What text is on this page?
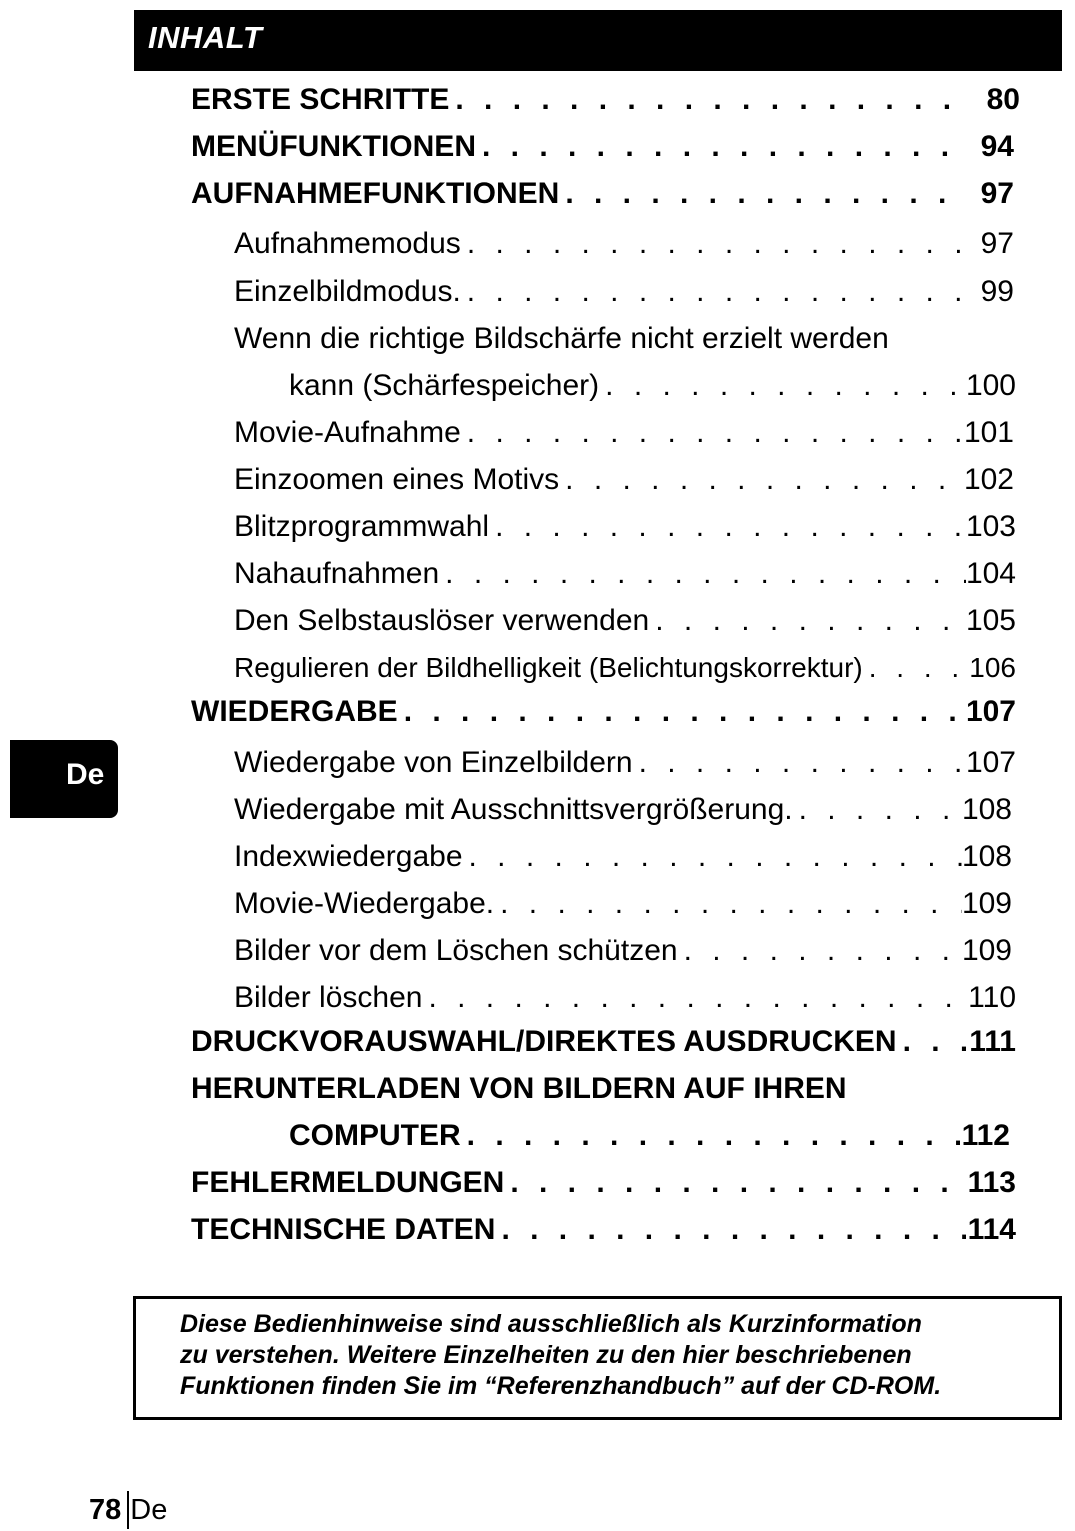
INHALT
ERSTE SCHRITTE . . .	80
MENÜFUNKTIONEN . . .	94
AUFNAHMEFUNKTIONEN . . .	97
Aufnahmemodus . . .	97
Einzelbildmodus. . . .	99
Wenn die richtige Bildschärfe nicht erzielt werden
kann (Schärfespeicher) . . .	100
Movie-Aufnahme . . .	101
Einzoomen eines Motivs . . .	102
Blitzprogrammwahl . . .	103
Nahaufnahmen . . .	104
Den Selbstauslöser verwenden . . .	105
Regulieren der Bildhelligkeit (Belichtungskorrektur) . . .	106
WIEDERGABE . . .	107
Wiedergabe von Einzelbildern . . .	107
Wiedergabe mit Ausschnittsvergrößerung. . . .	108
Indexwiedergabe . . .	108
Movie-Wiedergabe. . . .	109
Bilder vor dem Löschen schützen . . .	109
Bilder löschen . . .	110
DRUCKVORAUSWAHL/DIREKTES AUSDRUCKEN . . . 111
HERUNTERLADEN VON BILDERN AUF IHREN
COMPUTER . . .	112
FEHLERMELDUNGEN . . .	113
TECHNISCHE DATEN . . .	114
De
Diese Bedienhinweise sind ausschließlich als Kurzinformation
zu verstehen. Weitere Einzelheiten zu den hier beschriebenen
Funktionen finden Sie im “Referenzhandbuch” auf der CD-ROM.
78 De
